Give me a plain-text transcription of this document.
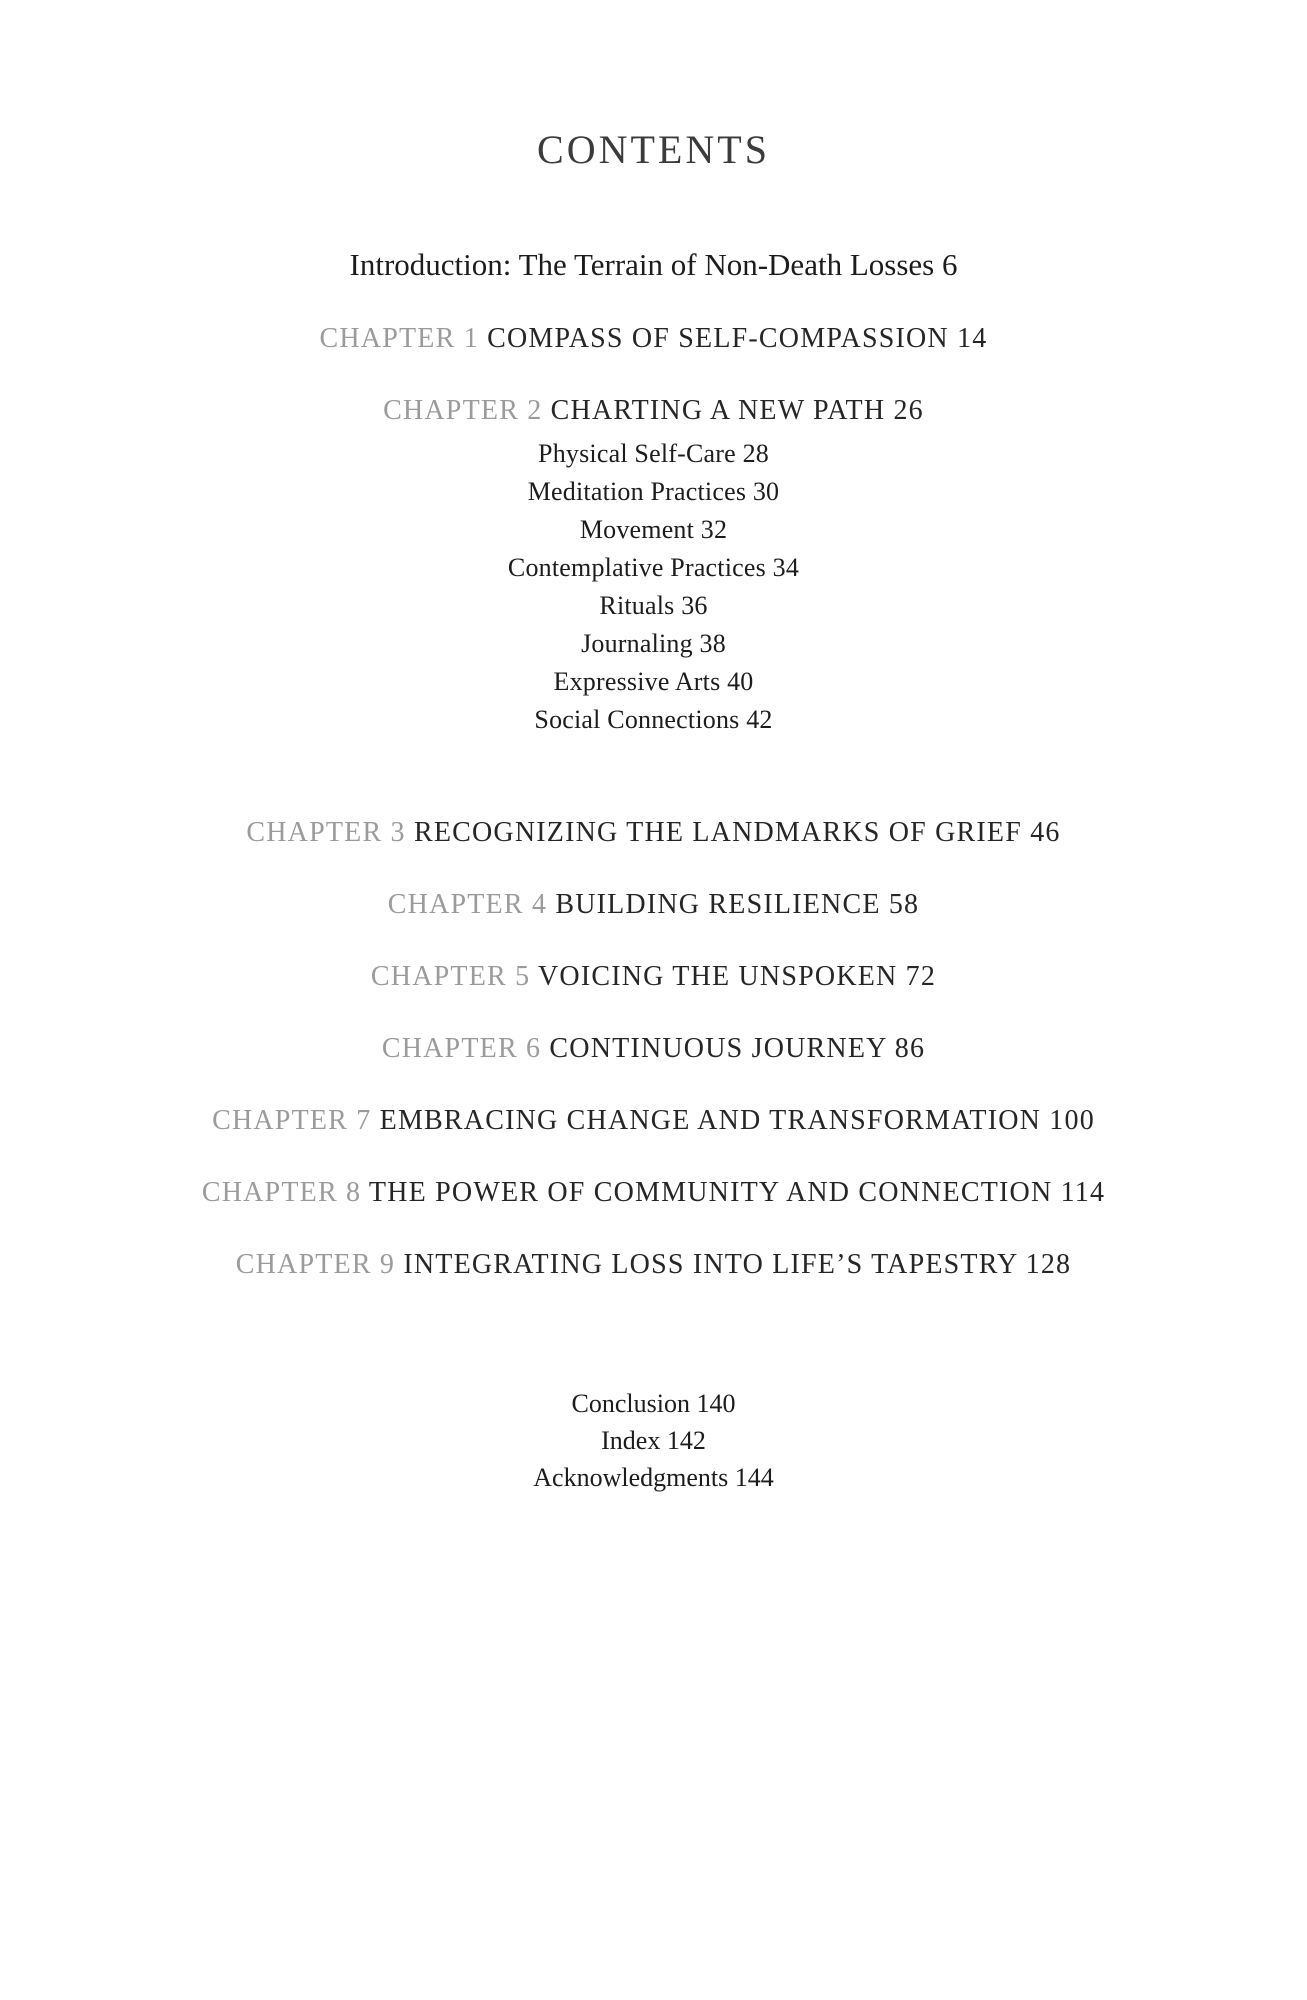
CONTENTS
Introduction: The Terrain of Non-Death Losses 6
CHAPTER 1 COMPASS OF SELF-COMPASSION 14
CHAPTER 2 CHARTING A NEW PATH 26
Physical Self-Care 28
Meditation Practices 30
Movement 32
Contemplative Practices 34
Rituals 36
Journaling 38
Expressive Arts 40
Social Connections 42
CHAPTER 3 RECOGNIZING THE LANDMARKS OF GRIEF 46
CHAPTER 4 BUILDING RESILIENCE 58
CHAPTER 5 VOICING THE UNSPOKEN 72
CHAPTER 6 CONTINUOUS JOURNEY 86
CHAPTER 7 EMBRACING CHANGE AND TRANSFORMATION 100
CHAPTER 8 THE POWER OF COMMUNITY AND CONNECTION 114
CHAPTER 9 INTEGRATING LOSS INTO LIFE’S TAPESTRY 128
Conclusion 140
Index 142
Acknowledgments 144
